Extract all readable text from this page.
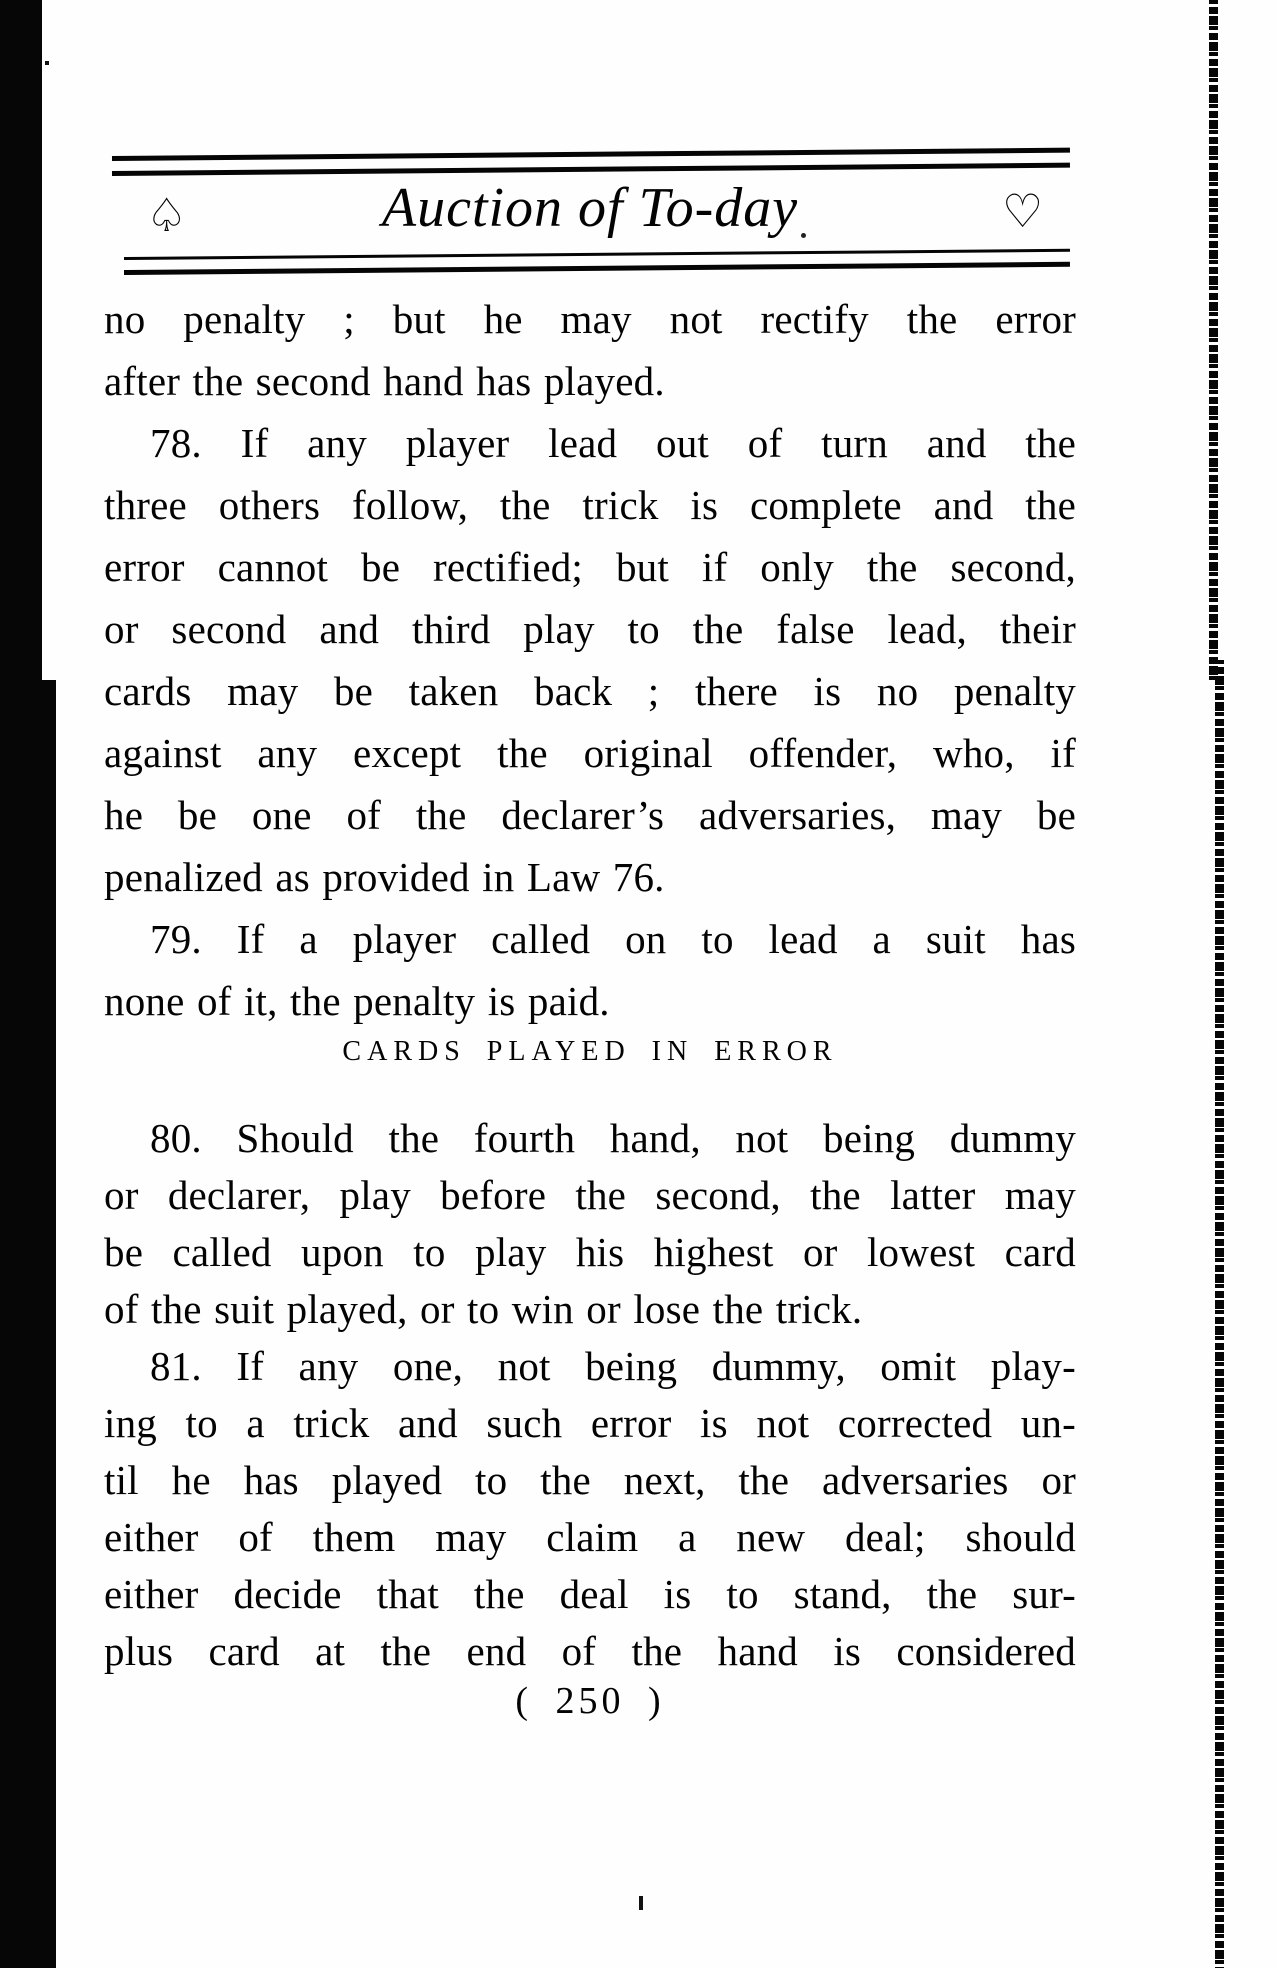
♤	Auction of To-day	♡
no penalty ; but he may not rectify the error
after the second hand has played.
78. If any player lead out of turn and the
three others follow, the trick is complete and the
error cannot be rectified; but if only the second,
or second and third play to the false lead, their
cards may be taken back ; there is no penalty
against any except the original offender, who, if
he be one of the declarer’s adversaries, may be
penalized as provided in Law 76.
79. If a player called on to lead a suit has
none of it, the penalty is paid.
CARDS PLAYED IN ERROR
80. Should the fourth hand, not being dummy
or declarer, play before the second, the latter may
be called upon to play his highest or lowest card
of the suit played, or to win or lose the trick.
81. If any one, not being dummy, omit play-
ing to a trick and such error is not corrected un-
til he has played to the next, the adversaries or
either of them may claim a new deal; should
either decide that the deal is to stand, the sur-
plus card at the end of the hand is considered
( 250 )
